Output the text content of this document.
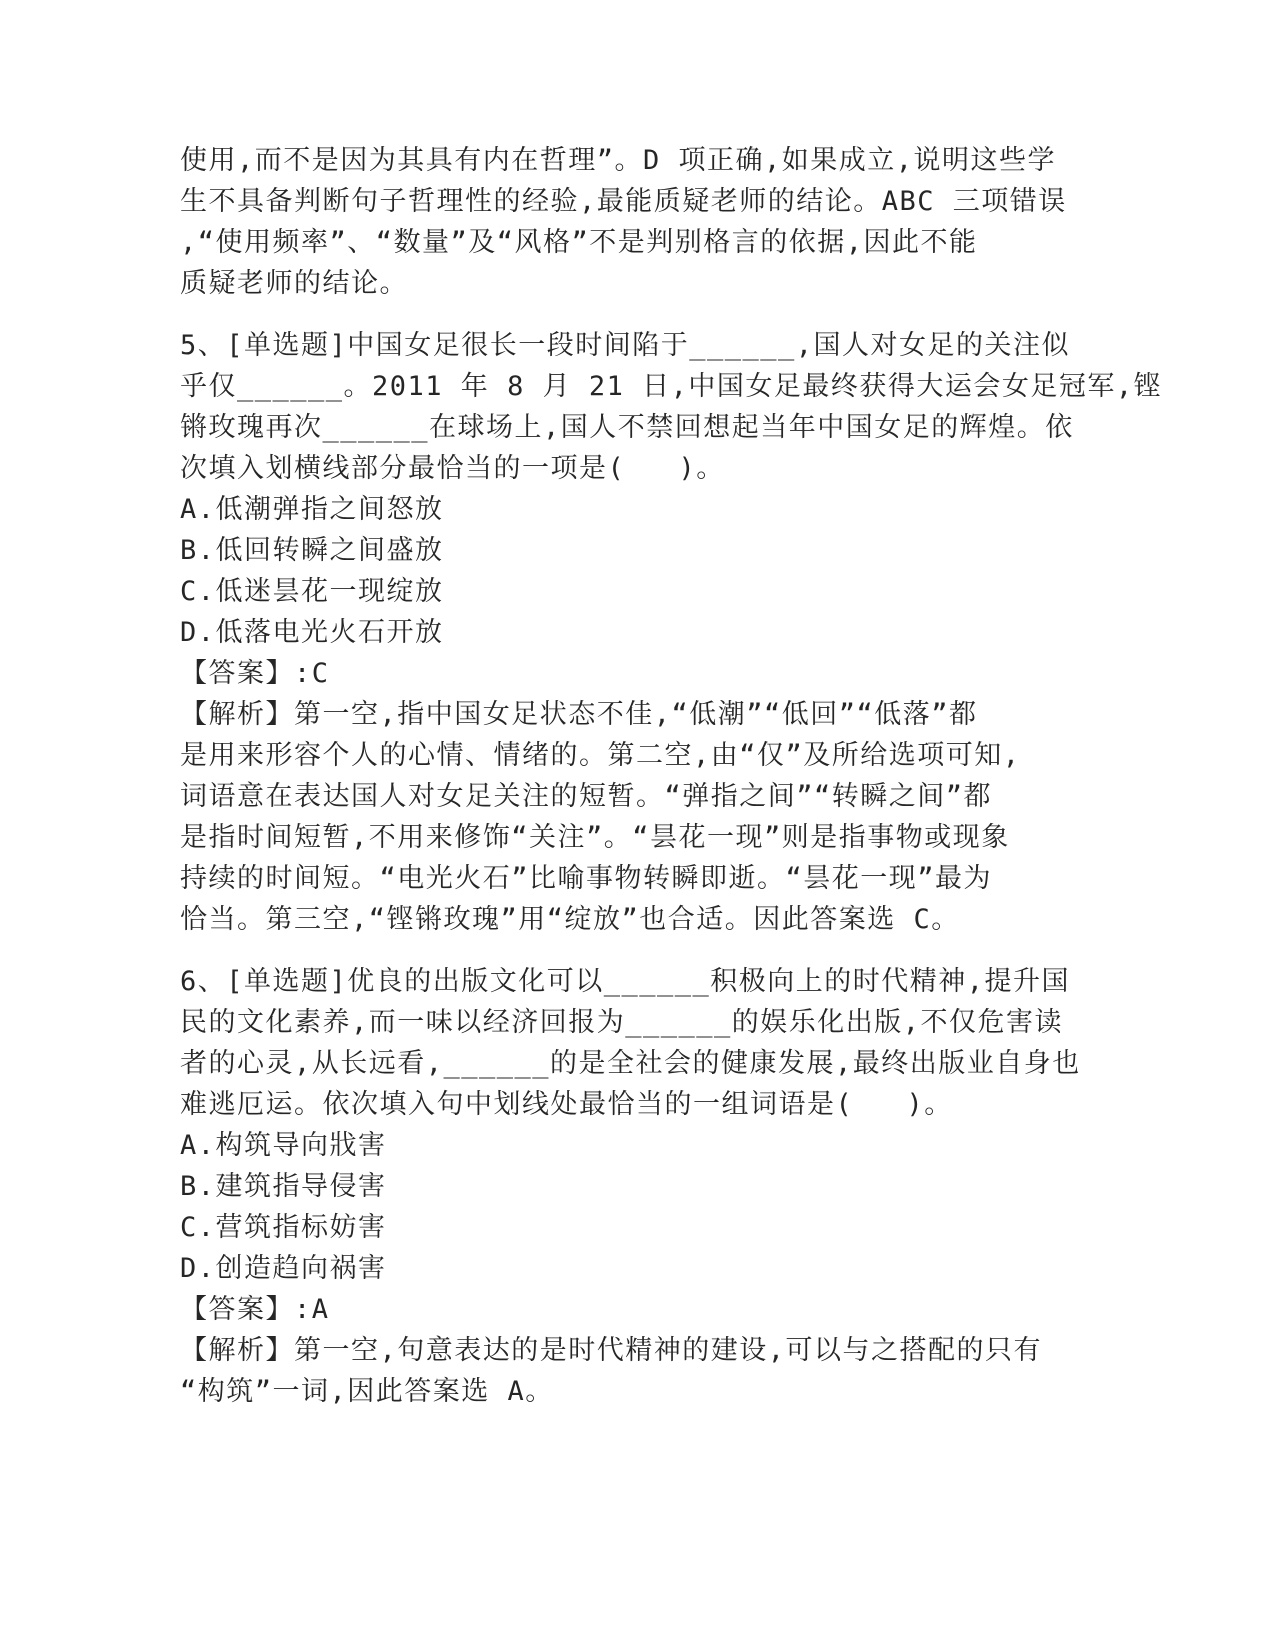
使用,而不是因为其具有内在哲理”。D 项正确,如果成立,说明这些学
生不具备判断句子哲理性的经验,最能质疑老师的结论。ABC 三项错误
,“使用频率”、“数量”及“风格”不是判别格言的依据,因此不能
质疑老师的结论。
5、[单选题]中国女足很长一段时间陷于______,国人对女足的关注似
乎仅______。2011 年 8 月 21 日,中国女足最终获得大运会女足冠军,铿
锵玫瑰再次______在球场上,国人不禁回想起当年中国女足的辉煌。依
次填入划横线部分最恰当的一项是(   )。
A.低潮弹指之间怒放
B.低回转瞬之间盛放
C.低迷昙花一现绽放
D.低落电光火石开放
【答案】:C
【解析】第一空,指中国女足状态不佳,“低潮”“低回”“低落”都
是用来形容个人的心情、情绪的。第二空,由“仅”及所给选项可知,
词语意在表达国人对女足关注的短暂。“弹指之间”“转瞬之间”都
是指时间短暂,不用来修饰“关注”。“昙花一现”则是指事物或现象
持续的时间短。“电光火石”比喻事物转瞬即逝。“昙花一现”最为
恰当。第三空,“铿锵玫瑰”用“绽放”也合适。因此答案选 C。
6、[单选题]优良的出版文化可以______积极向上的时代精神,提升国
民的文化素养,而一味以经济回报为______的娱乐化出版,不仅危害读
者的心灵,从长远看,______的是全社会的健康发展,最终出版业自身也
难逃厄运。依次填入句中划线处最恰当的一组词语是(   )。
A.构筑导向戕害
B.建筑指导侵害
C.营筑指标妨害
D.创造趋向祸害
【答案】:A
【解析】第一空,句意表达的是时代精神的建设,可以与之搭配的只有
“构筑”一词,因此答案选 A。
